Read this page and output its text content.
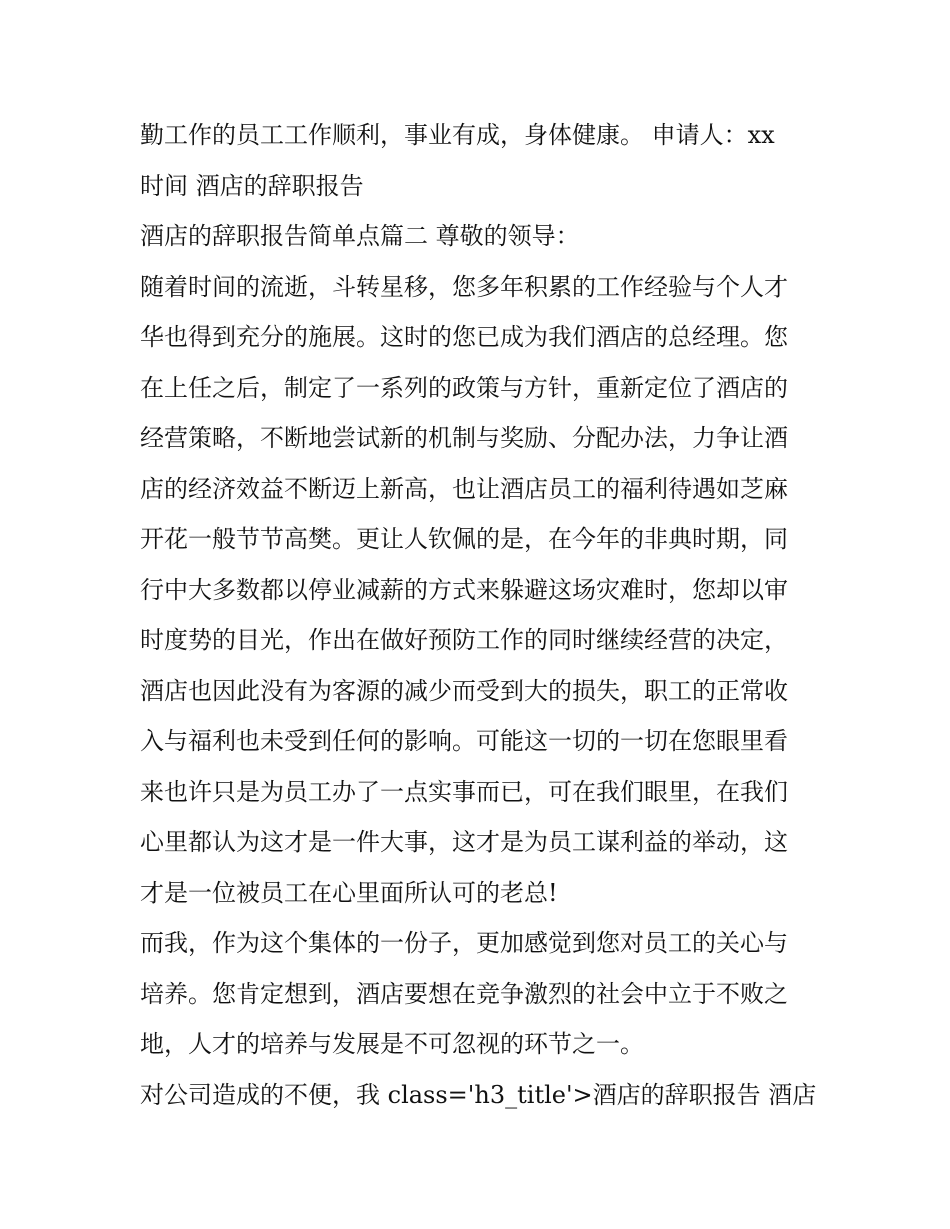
勤工作的员工工作顺利，事业有成，身体健康。 申请人：xx
时间 酒店的辞职报告
酒店的辞职报告简单点篇二 尊敬的领导：
随着时间的流逝，斗转星移，您多年积累的工作经验与个人才
华也得到充分的施展。这时的您已成为我们酒店的总经理。您
在上任之后，制定了一系列的政策与方针，重新定位了酒店的
经营策略，不断地尝试新的机制与奖励、分配办法，力争让酒
店的经济效益不断迈上新高，也让酒店员工的福利待遇如芝麻
开花一般节节高樊。更让人钦佩的是，在今年的非典时期，同
行中大多数都以停业减薪的方式来躲避这场灾难时，您却以审
时度势的目光，作出在做好预防工作的同时继续经营的决定，
酒店也因此没有为客源的减少而受到大的损失，职工的正常收
入与福利也未受到任何的影响。可能这一切的一切在您眼里看
来也许只是为员工办了一点实事而已，可在我们眼里，在我们
心里都认为这才是一件大事，这才是为员工谋利益的举动，这
才是一位被员工在心里面所认可的老总!
而我，作为这个集体的一份子，更加感觉到您对员工的关心与
培养。您肯定想到，酒店要想在竞争激烈的社会中立于不败之
地，人才的培养与发展是不可忽视的环节之一。
对公司造成的不便，我 class='h3_title'>酒店的辞职报告 酒店
